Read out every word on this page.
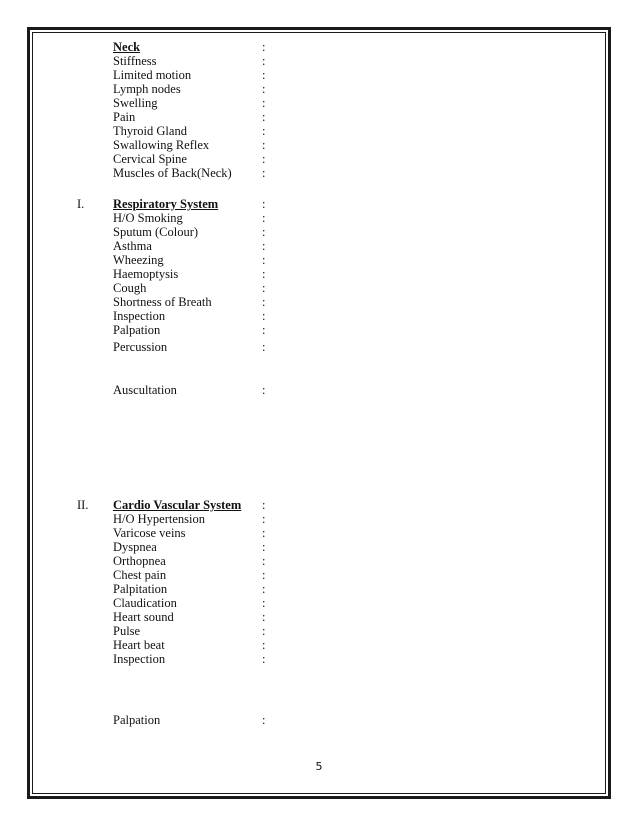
Neck	:
Stiffness	:
Limited motion	:
Lymph nodes	:
Swelling	:
Pain	:
Thyroid Gland	:
Swallowing Reflex	:
Cervical Spine	:
Muscles of Back(Neck) :
I. Respiratory System	:
H/O Smoking	:
Sputum (Colour)	:
Asthma	:
Wheezing	:
Haemoptysis	:
Cough	:
Shortness of Breath	:
Inspection	:
Palpation	:
Percussion	:
Auscultation	:
II. Cardio Vascular System :
H/O Hypertension	:
Varicose veins	:
Dyspnea	:
Orthopnea	:
Chest pain	:
Palpitation	:
Claudication	:
Heart sound	:
Pulse	:
Heart beat	:
Inspection	:
Palpation	:
5
